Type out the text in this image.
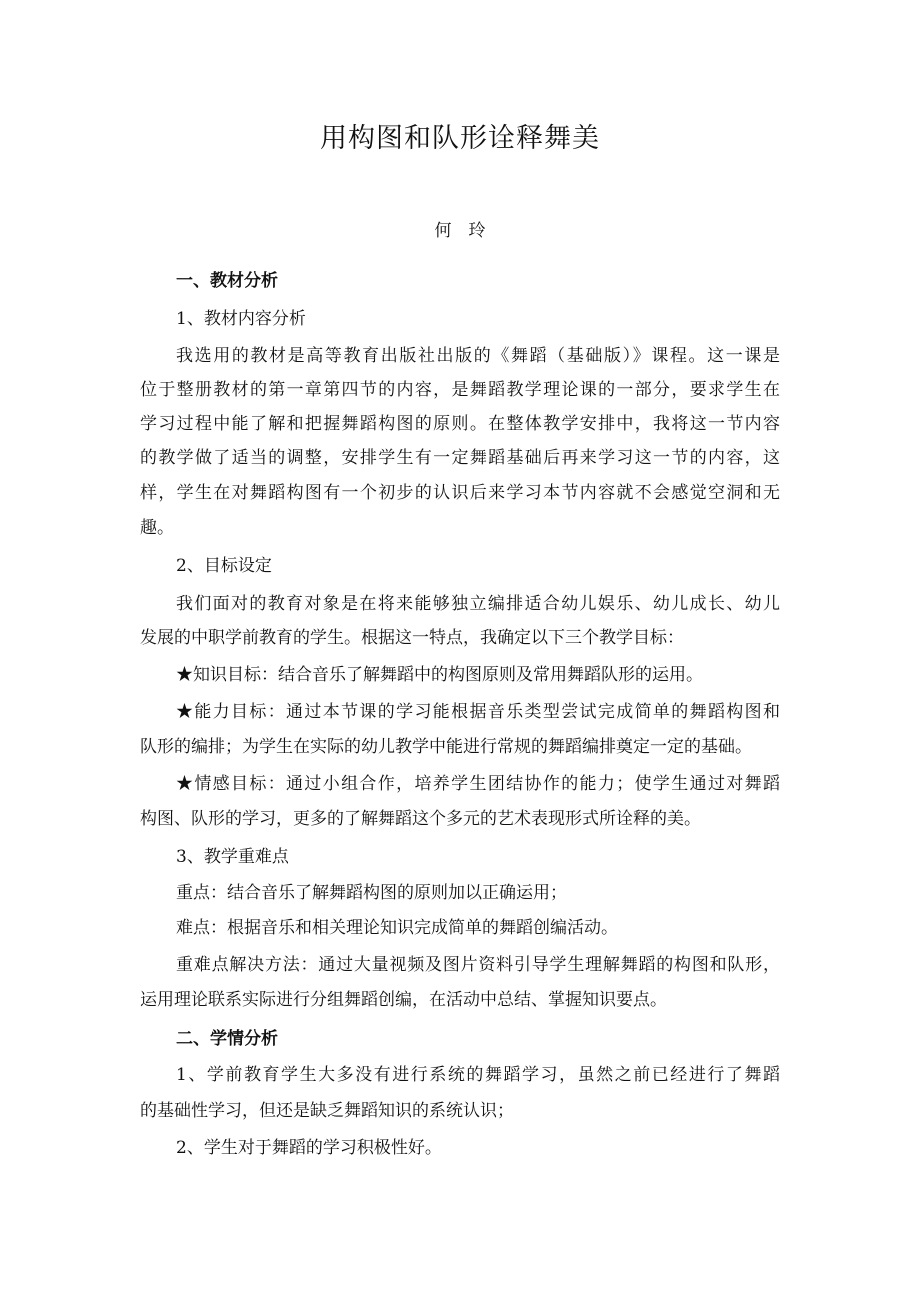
用构图和队形诠释舞美
何　玲
一、教材分析
1、教材内容分析
我选用的教材是高等教育出版社出版的《舞蹈（基础版）》课程。这一课是
位于整册教材的第一章第四节的内容，是舞蹈教学理论课的一部分，要求学生在
学习过程中能了解和把握舞蹈构图的原则。在整体教学安排中，我将这一节内容
的教学做了适当的调整，安排学生有一定舞蹈基础后再来学习这一节的内容，这
样，学生在对舞蹈构图有一个初步的认识后来学习本节内容就不会感觉空洞和无
趣。
2、目标设定
我们面对的教育对象是在将来能够独立编排适合幼儿娱乐、幼儿成长、幼儿
发展的中职学前教育的学生。根据这一特点，我确定以下三个教学目标：
★知识目标：结合音乐了解舞蹈中的构图原则及常用舞蹈队形的运用。
★能力目标：通过本节课的学习能根据音乐类型尝试完成简单的舞蹈构图和
队形的编排；为学生在实际的幼儿教学中能进行常规的舞蹈编排奠定一定的基础。
★情感目标：通过小组合作，培养学生团结协作的能力；使学生通过对舞蹈
构图、队形的学习，更多的了解舞蹈这个多元的艺术表现形式所诠释的美。
3、教学重难点
重点：结合音乐了解舞蹈构图的原则加以正确运用；
难点：根据音乐和相关理论知识完成简单的舞蹈创编活动。
重难点解决方法：通过大量视频及图片资料引导学生理解舞蹈的构图和队形，
运用理论联系实际进行分组舞蹈创编，在活动中总结、掌握知识要点。
二、学情分析
1、学前教育学生大多没有进行系统的舞蹈学习，虽然之前已经进行了舞蹈
的基础性学习，但还是缺乏舞蹈知识的系统认识；
2、学生对于舞蹈的学习积极性好。
